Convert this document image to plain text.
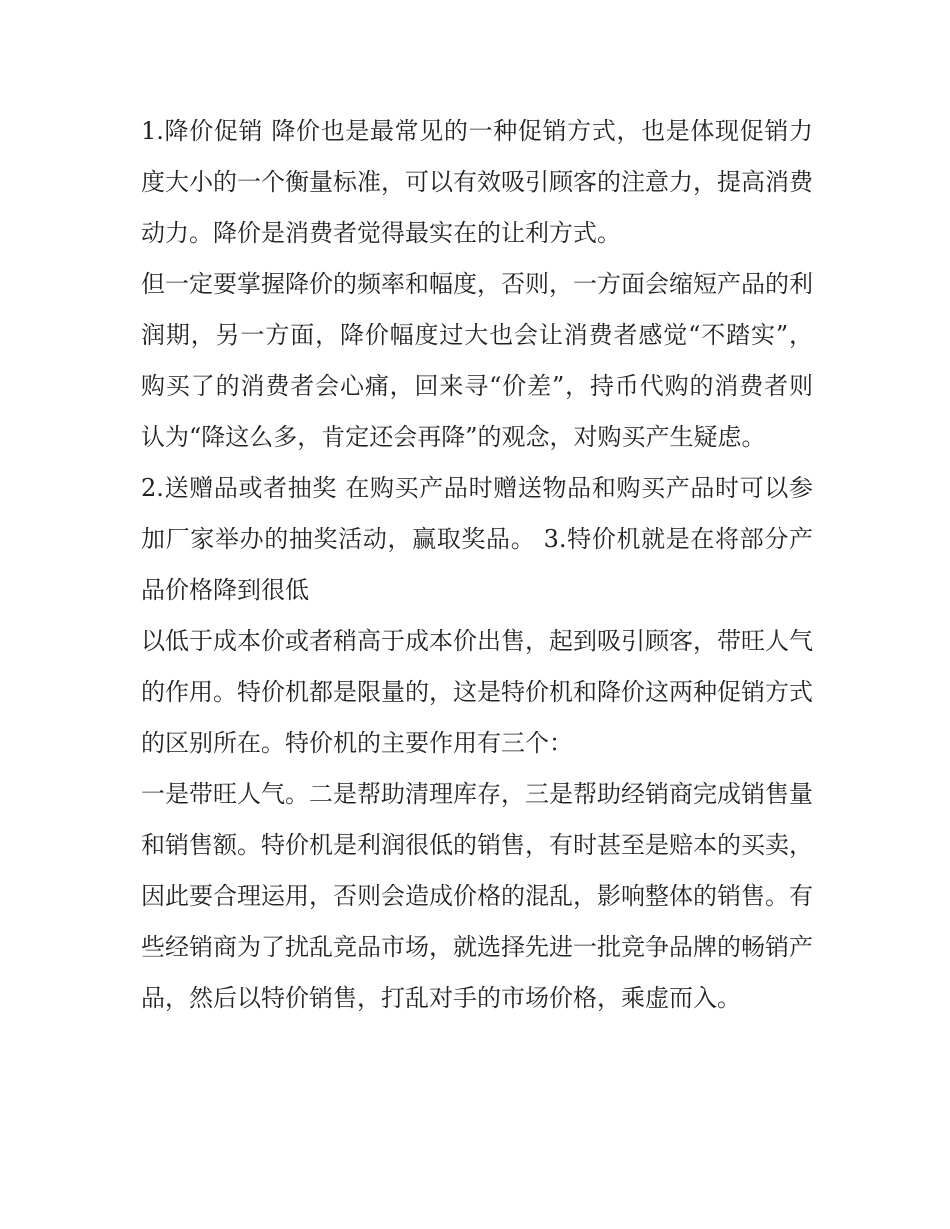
1.降价促销 降价也是最常见的一种促销方式，也是体现促销力度大小的一个衡量标准，可以有效吸引顾客的注意力，提高消费动力。降价是消费者觉得最实在的让利方式。

但一定要掌握降价的频率和幅度，否则，一方面会缩短产品的利润期，另一方面，降价幅度过大也会让消费者感觉“不踏实”，购买了的消费者会心痛，回来寻“价差”，持币代购的消费者则认为“降这么多，肯定还会再降”的观念，对购买产生疑虑。

2.送赠品或者抽奖 在购买产品时赠送物品和购买产品时可以参加厂家举办的抽奖活动，赢取奖品。 3.特价机就是在将部分产品价格降到很低

以低于成本价或者稍高于成本价出售，起到吸引顾客，带旺人气的作用。特价机都是限量的，这是特价机和降价这两种促销方式的区别所在。特价机的主要作用有三个：

一是带旺人气。二是帮助清理库存，三是帮助经销商完成销售量和销售额。特价机是利润很低的销售，有时甚至是赔本的买卖，因此要合理运用，否则会造成价格的混乱，影响整体的销售。有些经销商为了扰乱竞品市场，就选择先进一批竞争品牌的畅销产品，然后以特价销售，打乱对手的市场价格，乘虚而入。
